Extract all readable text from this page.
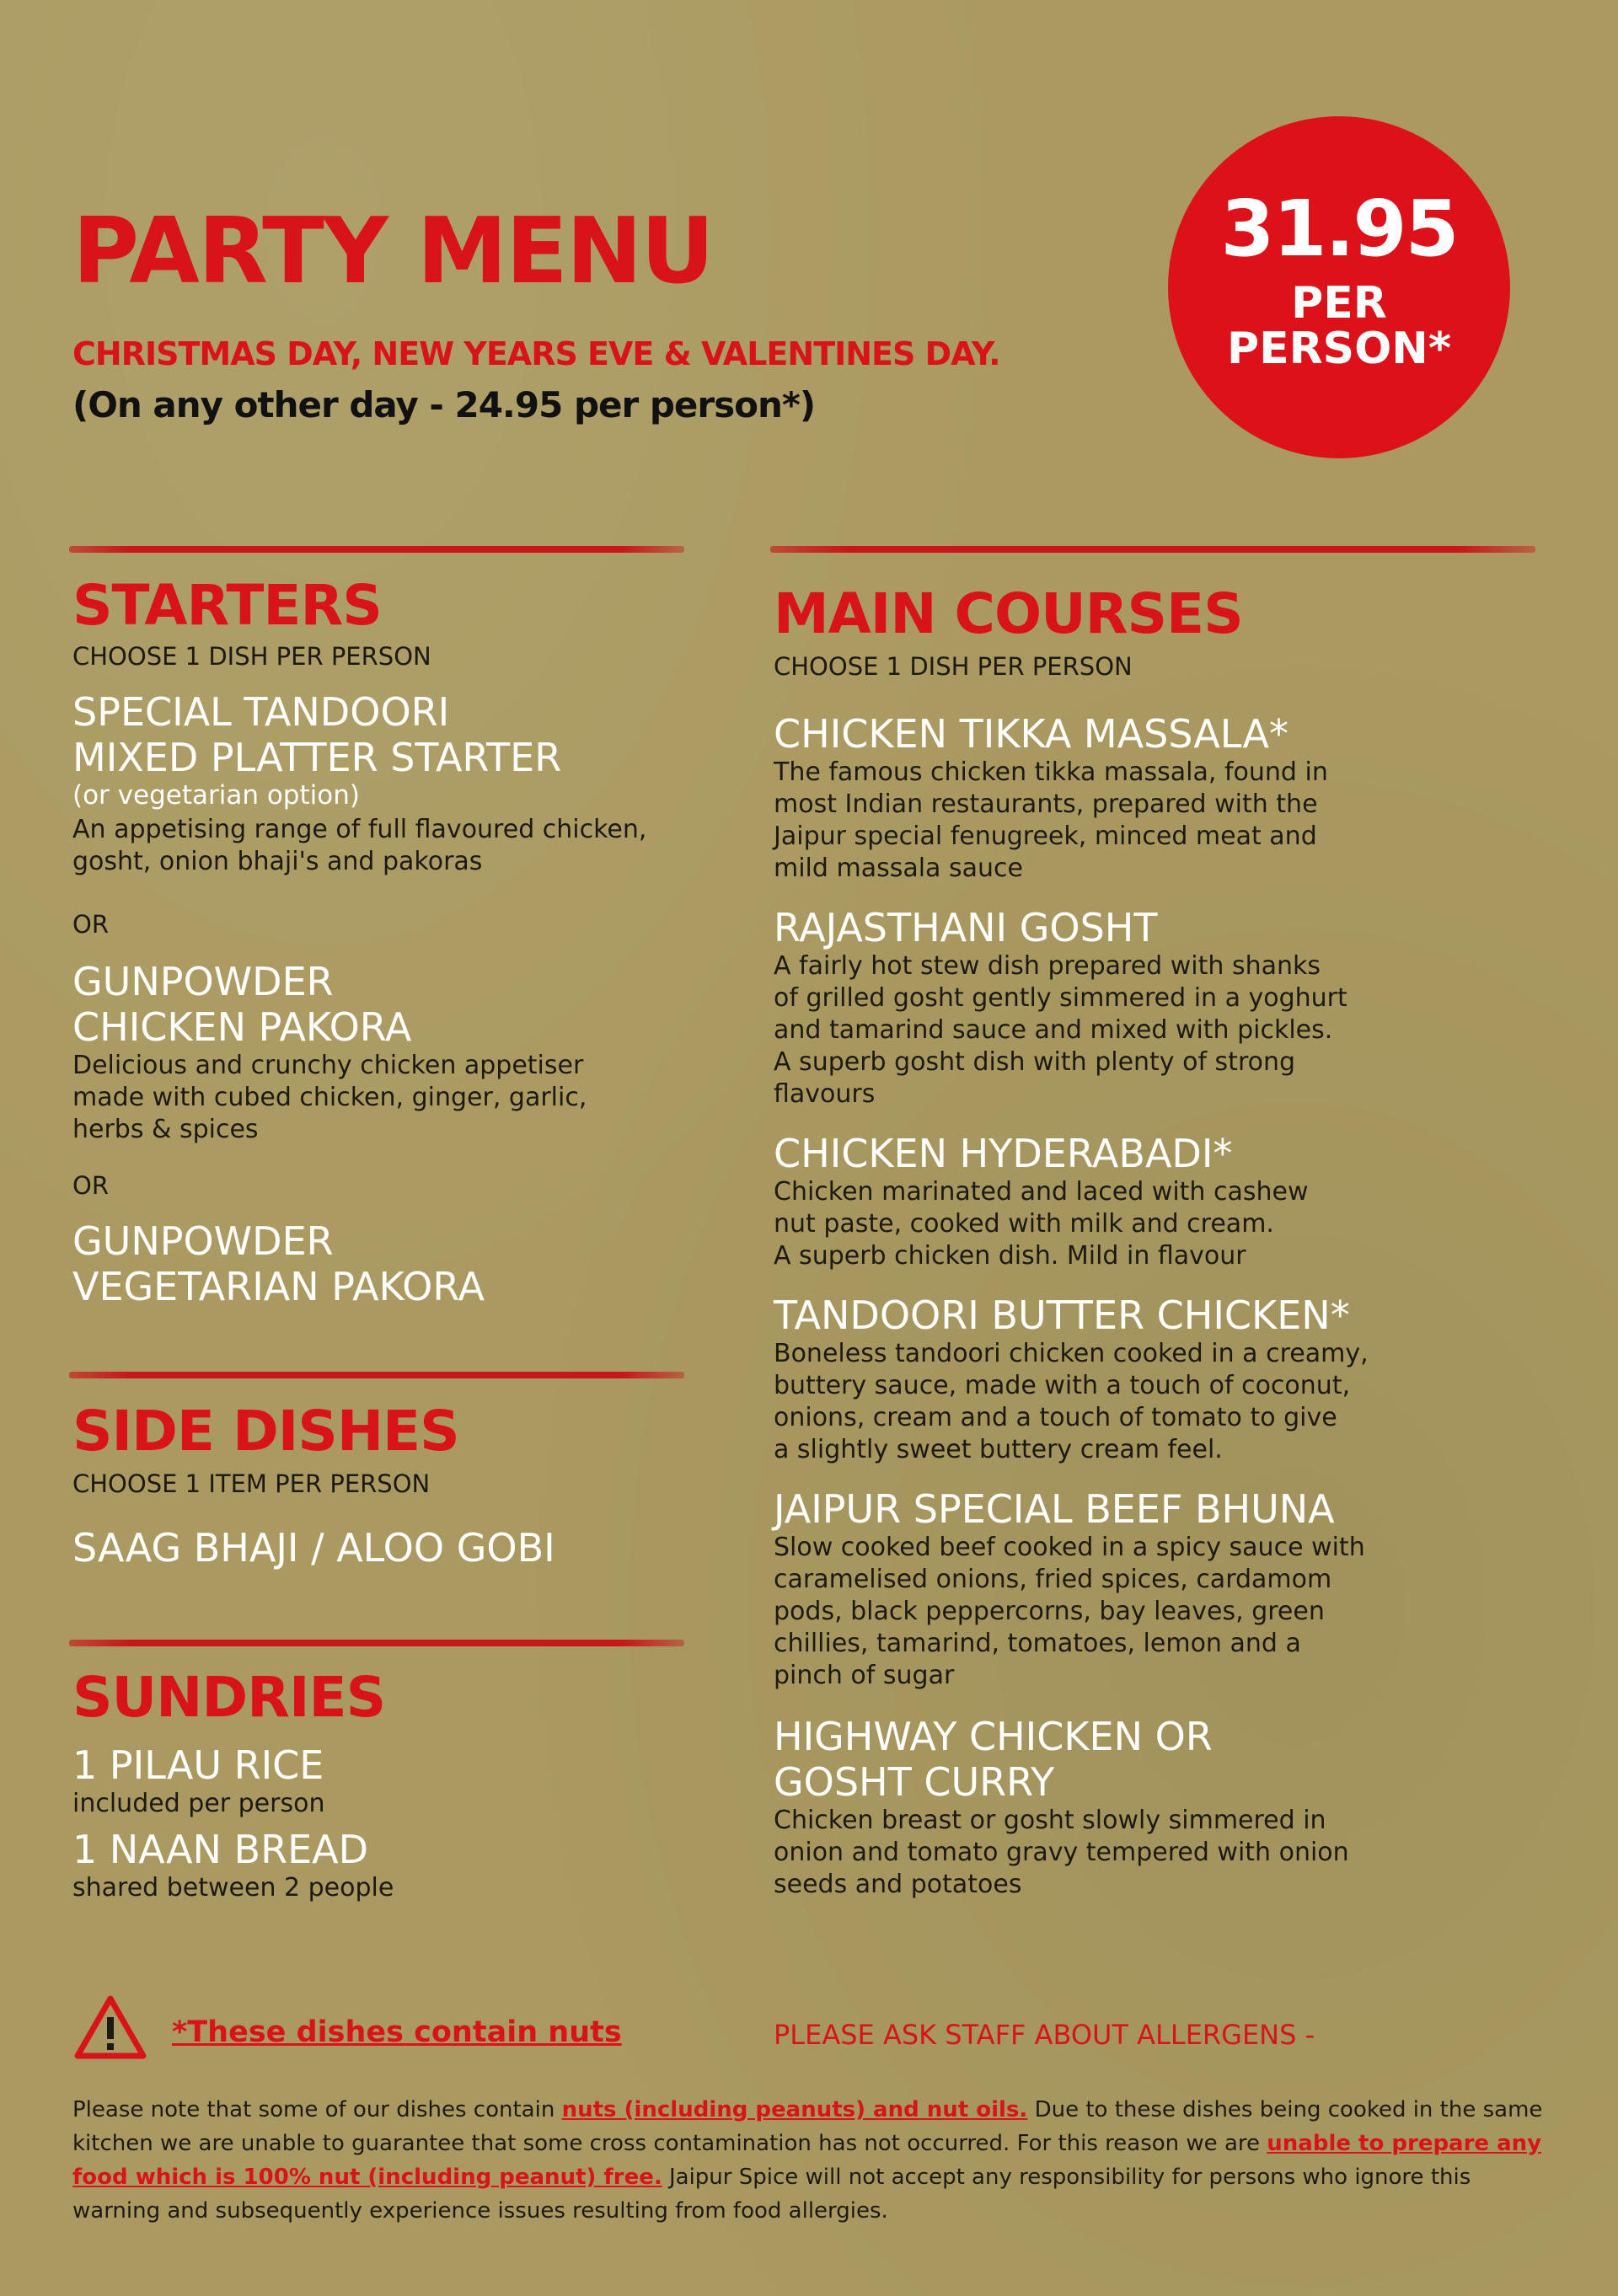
PARTY MENU
CHRISTMAS DAY, NEW YEARS EVE & VALENTINES DAY.
(On any other day - 24.95 per person*)
31.95
PER
PERSON*
STARTERS
CHOOSE 1 DISH PER PERSON
SPECIAL TANDOORI
MIXED PLATTER STARTER
(or vegetarian option)
An appetising range of full flavoured chicken,
gosht, onion bhaji's and pakoras
OR
GUNPOWDER
CHICKEN PAKORA
Delicious and crunchy chicken appetiser
made with cubed chicken, ginger, garlic,
herbs & spices
OR
GUNPOWDER
VEGETARIAN PAKORA
SIDE DISHES
CHOOSE 1 ITEM PER PERSON
SAAG BHAJI / ALOO GOBI
SUNDRIES
1 PILAU RICE
included per person
1 NAAN BREAD
shared between 2 people
MAIN COURSES
CHOOSE 1 DISH PER PERSON
CHICKEN TIKKA MASSALA*
The famous chicken tikka massala, found in
most Indian restaurants, prepared with the
Jaipur special fenugreek, minced meat and
mild massala sauce
RAJASTHANI GOSHT
A fairly hot stew dish prepared with shanks
of grilled gosht gently simmered in a yoghurt
and tamarind sauce and mixed with pickles.
A superb gosht dish with plenty of strong
flavours
CHICKEN HYDERABADI*
Chicken marinated and laced with cashew
nut paste, cooked with milk and cream.
A superb chicken dish. Mild in flavour
TANDOORI BUTTER CHICKEN*
Boneless tandoori chicken cooked in a creamy,
buttery sauce, made with a touch of coconut,
onions, cream and a touch of tomato to give
a slightly sweet buttery cream feel.
JAIPUR SPECIAL BEEF BHUNA
Slow cooked beef cooked in a spicy sauce with
caramelised onions, fried spices, cardamom
pods, black peppercorns, bay leaves, green
chillies, tamarind, tomatoes, lemon and a
pinch of sugar
HIGHWAY CHICKEN OR
GOSHT CURRY
Chicken breast or gosht slowly simmered in
onion and tomato gravy tempered with onion
seeds and potatoes
*These dishes contain nuts	PLEASE ASK STAFF ABOUT ALLERGENS -
Please note that some of our dishes contain nuts (including peanuts) and nut oils. Due to these dishes being cooked in the same kitchen we are unable to guarantee that some cross contamination has not occurred. For this reason we are unable to prepare any food which is 100% nut (including peanut) free. Jaipur Spice will not accept any responsibility for persons who ignore this warning and subsequently experience issues resulting from food allergies.
